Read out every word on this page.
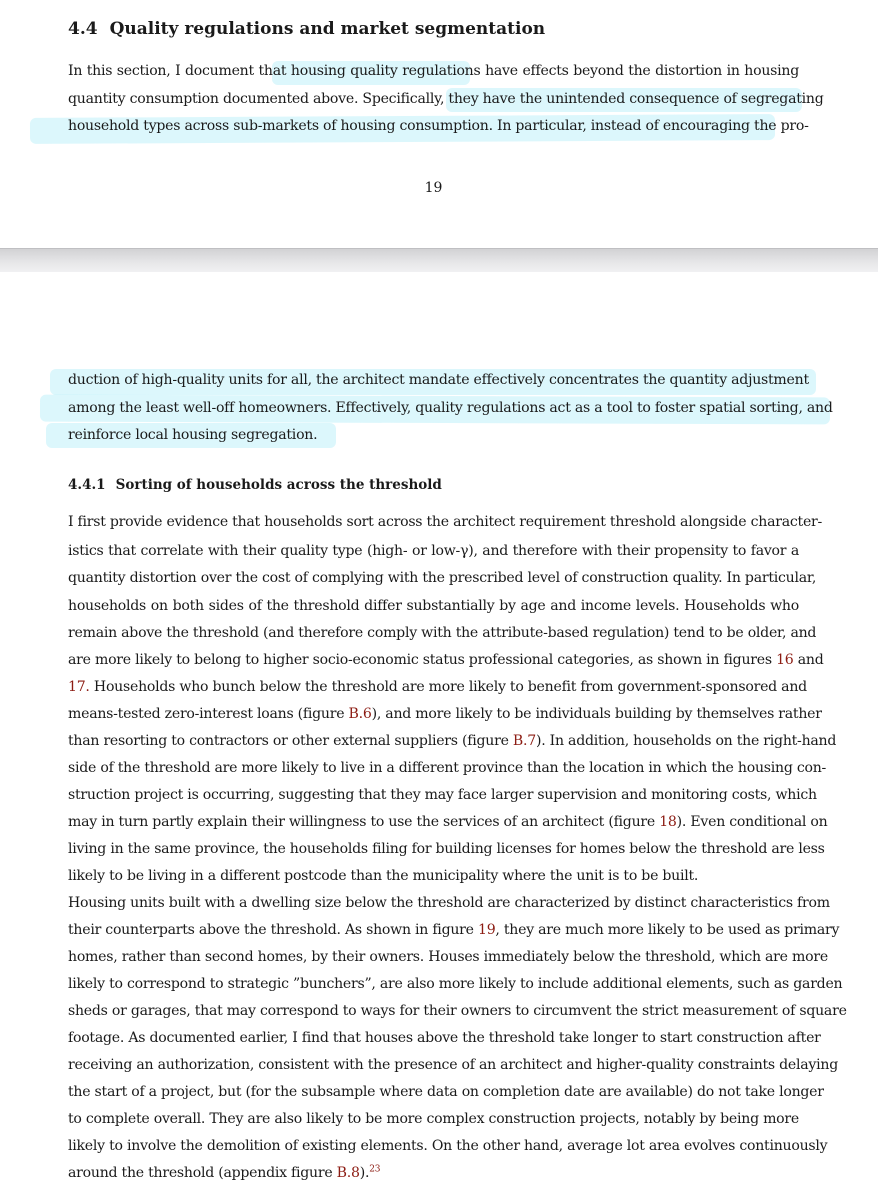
4.4 Quality regulations and market segmentation
In this section, I document that housing quality regulations have effects beyond the distortion in housing
quantity consumption documented above. Specifically, they have the unintended consequence of segregating
household types across sub-markets of housing consumption. In particular, instead of encouraging the pro-
19
duction of high-quality units for all, the architect mandate effectively concentrates the quantity adjustment
among the least well-off homeowners. Effectively, quality regulations act as a tool to foster spatial sorting, and
reinforce local housing segregation.
4.4.1 Sorting of households across the threshold
I first provide evidence that households sort across the architect requirement threshold alongside character-
istics that correlate with their quality type (high- or low-γ), and therefore with their propensity to favor a
quantity distortion over the cost of complying with the prescribed level of construction quality. In particular,
households on both sides of the threshold differ substantially by age and income levels. Households who
remain above the threshold (and therefore comply with the attribute-based regulation) tend to be older, and
are more likely to belong to higher socio-economic status professional categories, as shown in figures 16 and
17. Households who bunch below the threshold are more likely to benefit from government-sponsored and
means-tested zero-interest loans (figure B.6), and more likely to be individuals building by themselves rather
than resorting to contractors or other external suppliers (figure B.7). In addition, households on the right-hand
side of the threshold are more likely to live in a different province than the location in which the housing con-
struction project is occurring, suggesting that they may face larger supervision and monitoring costs, which
may in turn partly explain their willingness to use the services of an architect (figure 18). Even conditional on
living in the same province, the households filing for building licenses for homes below the threshold are less
likely to be living in a different postcode than the municipality where the unit is to be built.
Housing units built with a dwelling size below the threshold are characterized by distinct characteristics from
their counterparts above the threshold. As shown in figure 19, they are much more likely to be used as primary
homes, rather than second homes, by their owners. Houses immediately below the threshold, which are more
likely to correspond to strategic ”bunchers”, are also more likely to include additional elements, such as garden
sheds or garages, that may correspond to ways for their owners to circumvent the strict measurement of square
footage. As documented earlier, I find that houses above the threshold take longer to start construction after
receiving an authorization, consistent with the presence of an architect and higher-quality constraints delaying
the start of a project, but (for the subsample where data on completion date are available) do not take longer
to complete overall. They are also likely to be more complex construction projects, notably by being more
likely to involve the demolition of existing elements. On the other hand, average lot area evolves continuously
around the threshold (appendix figure B.8).$^{23}$
